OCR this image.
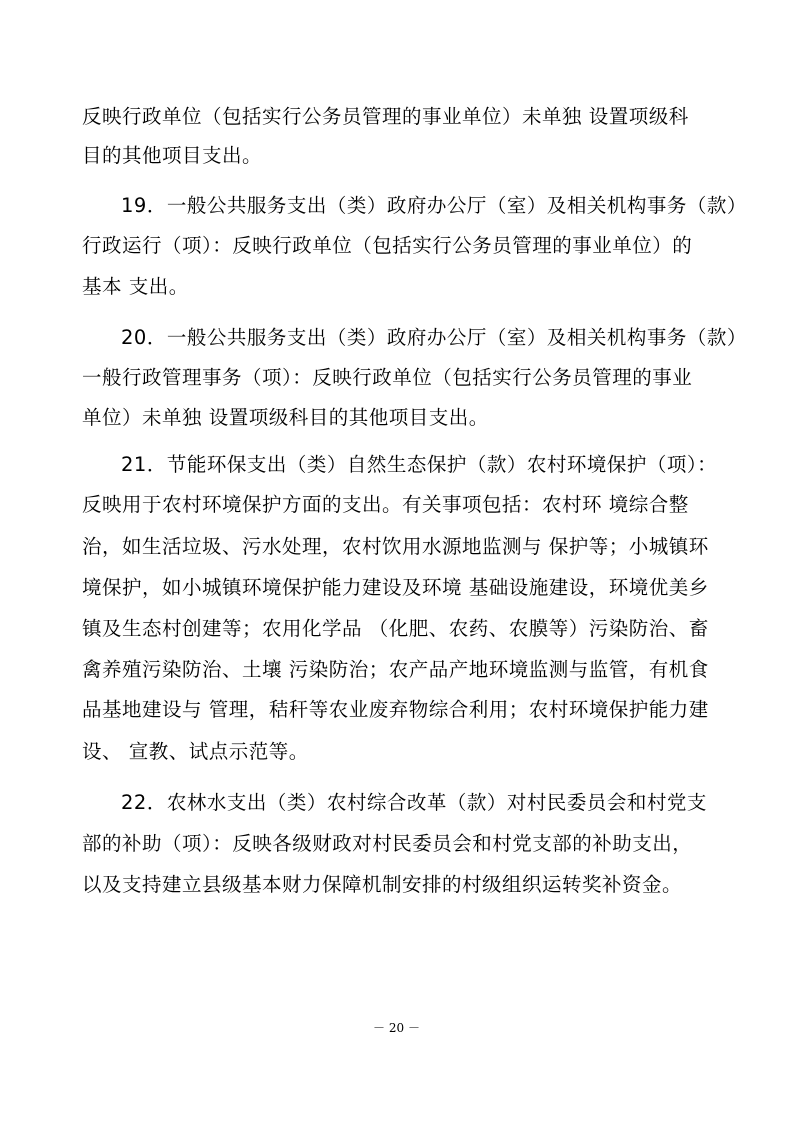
反映行政单位（包括实行公务员管理的事业单位）未单独 设置项级科
目的其他项目支出。
19．一般公共服务支出（类）政府办公厅（室）及相关机构事务（款）
行政运行（项）：反映行政单位（包括实行公务员管理的事业单位）的
基本 支出。
20．一般公共服务支出（类）政府办公厅（室）及相关机构事务（款）
一般行政管理事务（项）：反映行政单位（包括实行公务员管理的事业
单位）未单独 设置项级科目的其他项目支出。
21．节能环保支出（类）自然生态保护（款）农村环境保护（项）：
反映用于农村环境保护方面的支出。有关事项包括：农村环 境综合整
治，如生活垃圾、污水处理，农村饮用水源地监测与 保护等；小城镇环
境保护，如小城镇环境保护能力建设及环境 基础设施建设，环境优美乡
镇及生态村创建等；农用化学品 （化肥、农药、农膜等）污染防治、畜
禽养殖污染防治、土壤 污染防治；农产品产地环境监测与监管，有机食
品基地建设与 管理，秸秆等农业废弃物综合利用；农村环境保护能力建
设、 宣教、试点示范等。
22．农林水支出（类）农村综合改革（款）对村民委员会和村党支
部的补助（项）：反映各级财政对村民委员会和村党支部的补助支出，
以及支持建立县级基本财力保障机制安排的村级组织运转奖补资金。
－ 20 －
